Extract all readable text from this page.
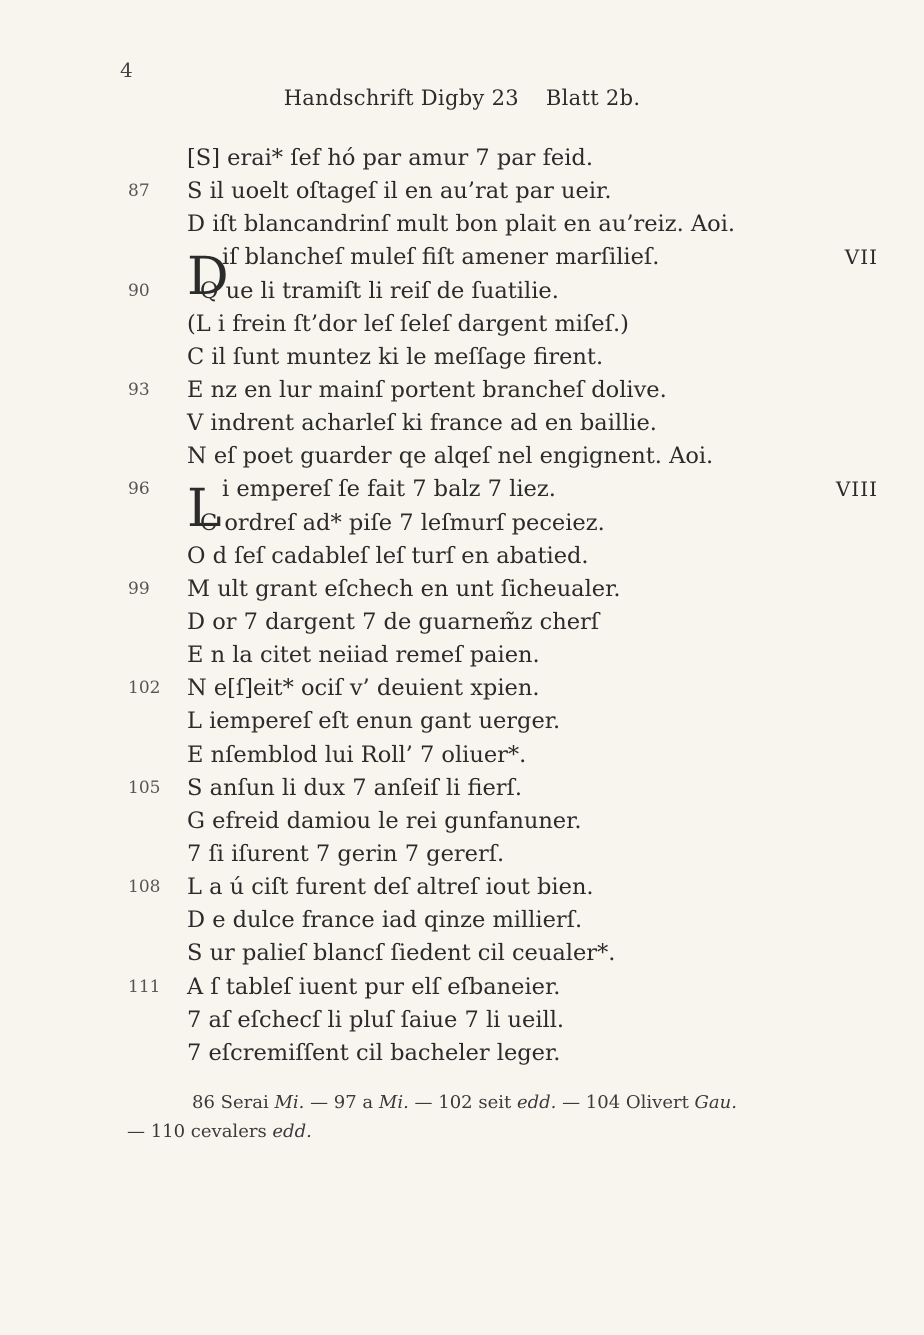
4
Handschrift Digby 23 Blatt 2b.
[S] erai* ſef hó par amur 7 par feid.
87 S il uoelt oſtageſ il en au’rat par ueir.
D iſt blancandrinſ mult bon plait en au’reiz. Aoi.
D
iſ blancheſ muleſ fiſt amener marſiliеſ.	VII
90 Q ue li tramiſt li reiſ de ſuatilie.
(L i frein ſt’dor leſ ſeleſ dargent miſeſ.)
C il ſunt muntez ki le meſſage firent.
93 E nz en lur mainſ portent brancheſ dolive.
V indrent acharleſ ki france ad en baillie.
N eſ poet guarder qe alqeſ nel engignent. Aoi.
96 L i empereſ ſe fait 7 balz 7 liez.	VIII
C ordreſ ad* piſe 7 leſmurſ peceiez.
O d ſeſ cadableſ leſ turſ en abatied.
99 M ult grant eſchech en unt ſicheualer.
D or 7 dargent 7 de guarnem̃z cherſ
E n la citet neiiad remeſ paien.
102 N e[ſ]eit* ociſ v’ deuient xpien.
L iempereſ eſt enun gant uerger.
E nſemblod lui Roll’ 7 oliuer*.
105 S anſun li dux 7 anſeiſ li fierſ.
G efreid damiou le rei gunfanuner.
7 ſi iſurent 7 gerin 7 gererſ.
108 L a ú ciſt furent deſ altreſ iout bien.
D e dulce france iad qinze milliеrſ.
S ur palieſ blancſ ſiedent cil ceualer*.
111 A ſ tableſ iuent pur elſ eſbaneier.
7 aſ eſcheсſ li pluſ ſaiue 7 li ueill.
7 eſcremiſſent cil bacheler leger.
86 Serai Mi. — 97 a Mi. — 102 seit edd. — 104 Olivert Gau.
— 110 cevalers edd.
